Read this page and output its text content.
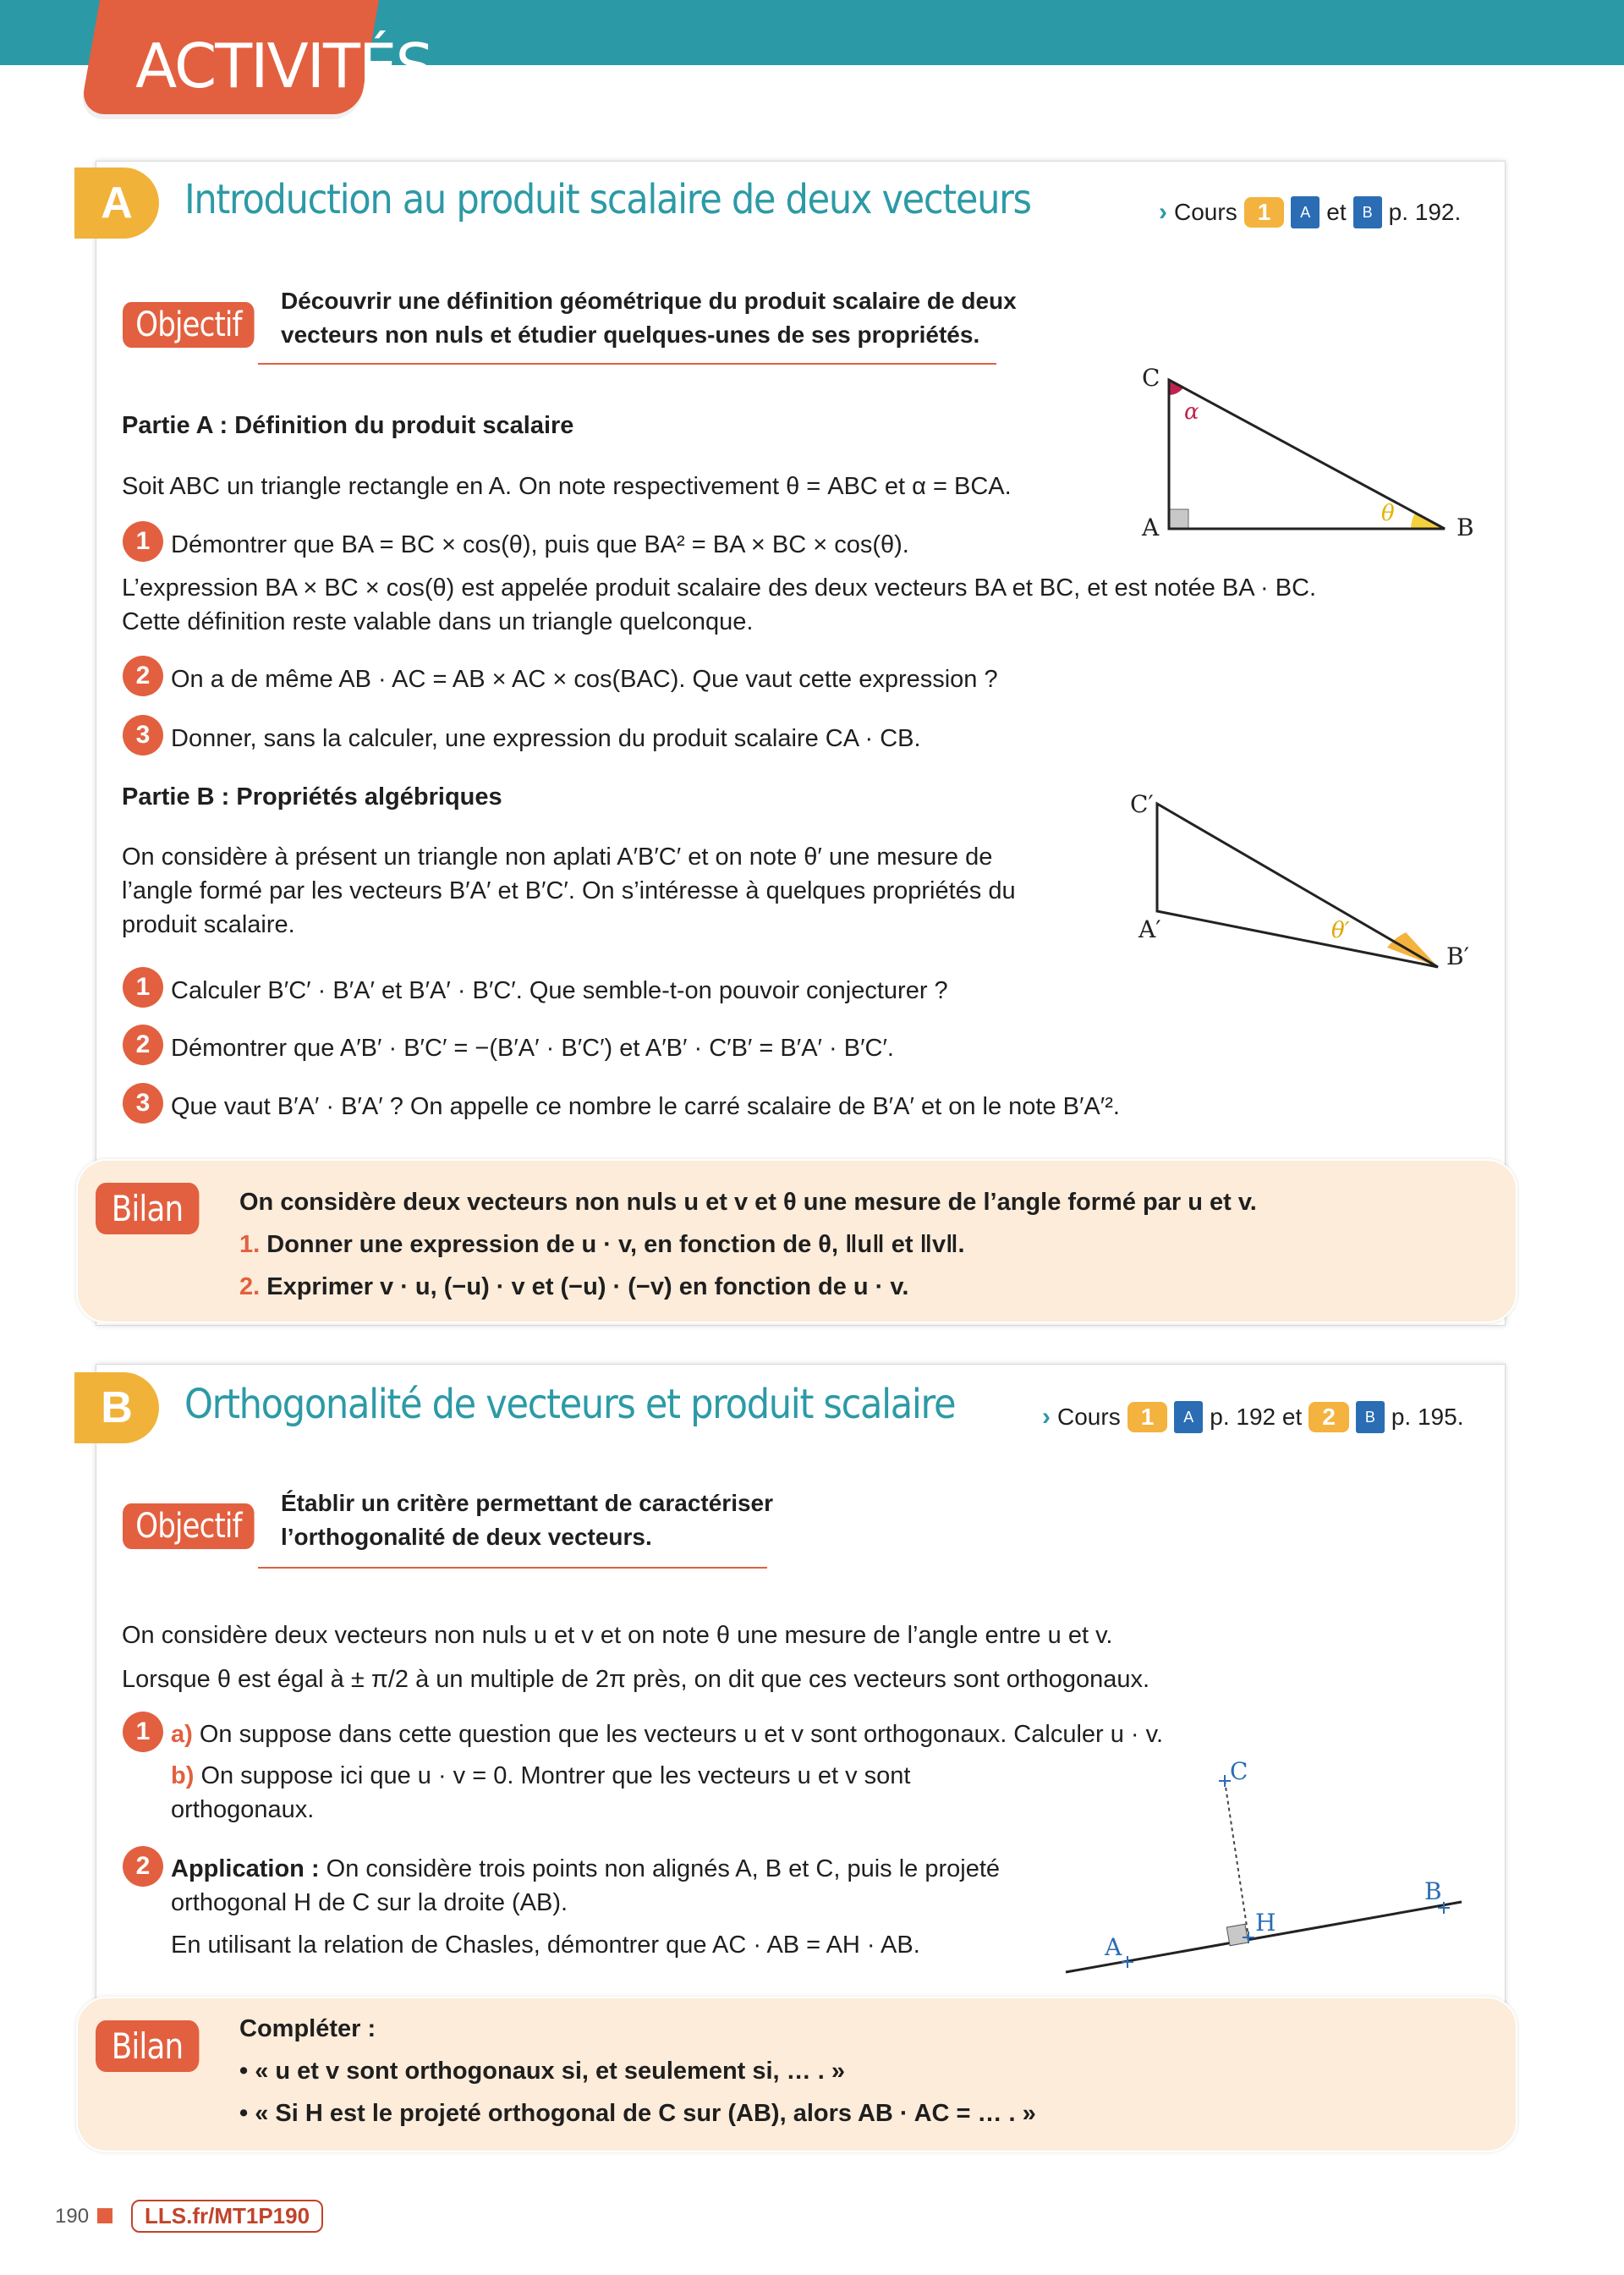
ACTIVITÉS
A	Introduction au produit scalaire de deux vecteurs	› Cours 1	A et	B p. 192.
Objectif
Découvrir une définition géométrique du produit scalaire de deux
vecteurs non nuls et étudier quelques-unes de ses propriétés.
Partie A : Définition du produit scalaire
Soit ABC un triangle rectangle en A. On note respectivement θ = ABC et α = BCA.
1 Démontrer que BA = BC × cos(θ), puis que BA² = BA × BC × cos(θ).
L’expression BA × BC × cos(θ) est appelée produit scalaire des deux vecteurs BA et BC, et est notée BA · BC.
Cette définition reste valable dans un triangle quelconque.
2 On a de même AB · AC = AB × AC × cos(BAC). Que vaut cette expression ?
3 Donner, sans la calculer, une expression du produit scalaire CA · CB.
Partie B : Propriétés algébriques
On considère à présent un triangle non aplati A′B′C′ et on note θ′ une mesure de
l’angle formé par les vecteurs B′A′ et B′C′. On s’intéresse à quelques propriétés du
produit scalaire.
1 Calculer B′C′ · B′A′ et B′A′ · B′C′. Que semble-t-on pouvoir conjecturer ?
2 Démontrer que A′B′ · B′C′ = −(B′A′ · B′C′) et A′B′ · C′B′ = B′A′ · B′C′.
3 Que vaut B′A′ · B′A′ ? On appelle ce nombre le carré scalaire de B′A′ et on le note B′A′².
C
A	B
α
θ
C′
A′
B′
θ′
Bilan	On considère deux vecteurs non nuls u et v et θ une mesure de l’angle formé par u et v.
1. Donner une expression de u · v, en fonction de θ, ‖u‖ et ‖v‖.
2. Exprimer v · u, (−u) · v et (−u) · (−v) en fonction de u · v.
B	Orthogonalité de vecteurs et produit scalaire	› Cours 1	A p. 192 et 2	B p. 195.
Objectif
Établir un critère permettant de caractériser
l’orthogonalité de deux vecteurs.
On considère deux vecteurs non nuls u et v et on note θ une mesure de l’angle entre u et v.
Lorsque θ est égal à ± π/2 à un multiple de 2π près, on dit que ces vecteurs sont orthogonaux.
1 a) On suppose dans cette question que les vecteurs u et v sont orthogonaux. Calculer u · v.
b) On suppose ici que u · v = 0. Montrer que les vecteurs u et v sont
orthogonaux.
2 Application : On considère trois points non alignés A, B et C, puis le projeté
orthogonal H de C sur la droite (AB).
En utilisant la relation de Chasles, démontrer que AC · AB = AH · AB.
C
H
A
B
Bilan	Compléter :
• « u et v sont orthogonaux si, et seulement si, … . »
• « Si H est le projeté orthogonal de C sur (AB), alors AB · AC = … . »
190	LLS.fr/MT1P190
